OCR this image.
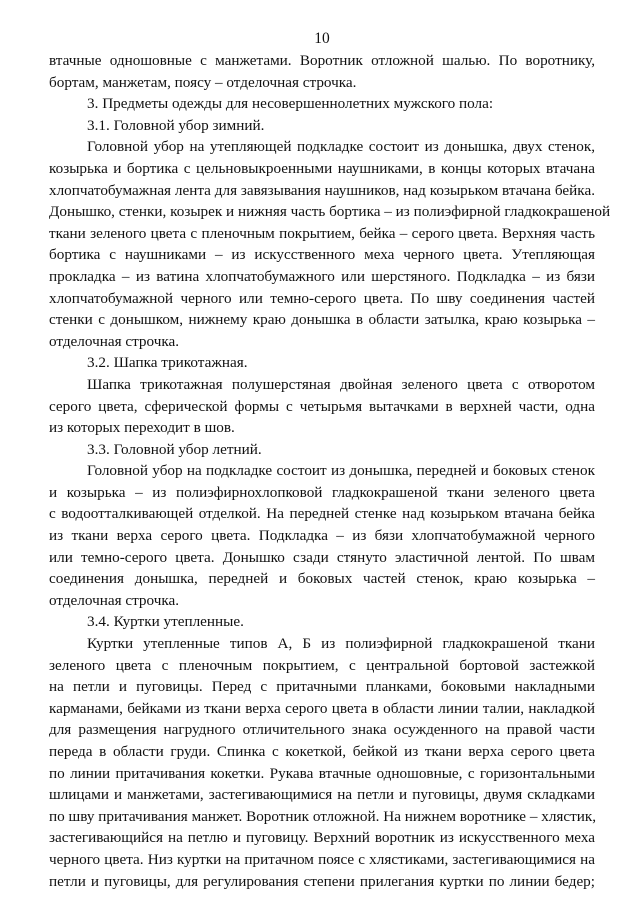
10
втачные одношовные с манжетами. Воротник отложной шалью. По воротнику,
бортам, манжетам, поясу – отделочная строчка.
3. Предметы одежды для несовершеннолетних мужского пола:
3.1. Головной убор зимний.
Головной убор на утепляющей подкладке состоит из донышка, двух стенок,
козырька и бортика с цельновыкроенными наушниками, в концы которых втачана
хлопчатобумажная лента для завязывания наушников, над козырьком втачана бейка.
Донышко, стенки, козырек и нижняя часть бортика – из полиэфирной гладкокрашеной
ткани зеленого цвета с пленочным покрытием, бейка – серого цвета. Верхняя часть
бортика с наушниками – из искусственного меха черного цвета. Утепляющая
прокладка – из ватина хлопчатобумажного или шерстяного. Подкладка – из бязи
хлопчатобумажной черного или темно-серого цвета. По шву соединения частей
стенки с донышком, нижнему краю донышка в области затылка, краю козырька –
отделочная строчка.
3.2. Шапка трикотажная.
Шапка трикотажная полушерстяная двойная зеленого цвета с отворотом
серого цвета, сферической формы с четырьмя вытачками в верхней части, одна
из которых переходит в шов.
3.3. Головной убор летний.
Головной убор на подкладке состоит из донышка, передней и боковых стенок
и козырька – из полиэфирнохлопковой гладкокрашеной ткани зеленого цвета
с водоотталкивающей отделкой. На передней стенке над козырьком втачана бейка
из ткани верха серого цвета. Подкладка – из бязи хлопчатобумажной черного
или темно-серого цвета. Донышко сзади стянуто эластичной лентой. По швам
соединения донышка, передней и боковых частей стенок, краю козырька –
отделочная строчка.
3.4. Куртки утепленные.
Куртки утепленные типов А, Б из полиэфирной гладкокрашеной ткани
зеленого цвета с пленочным покрытием, с центральной бортовой застежкой
на петли и пуговицы. Перед с притачными планками, боковыми накладными
карманами, бейками из ткани верха серого цвета в области линии талии, накладкой
для размещения нагрудного отличительного знака осужденного на правой части
переда в области груди. Спинка с кокеткой, бейкой из ткани верха серого цвета
по линии притачивания кокетки. Рукава втачные одношовные, с горизонтальными
шлицами и манжетами, застегивающимися на петли и пуговицы, двумя складками
по шву притачивания манжет. Воротник отложной. На нижнем воротнике – хлястик,
застегивающийся на петлю и пуговицу. Верхний воротник из искусственного меха
черного цвета. Низ куртки на притачном поясе с хлястиками, застегивающимися на
петли и пуговицы, для регулирования степени прилегания куртки по линии бедер;
